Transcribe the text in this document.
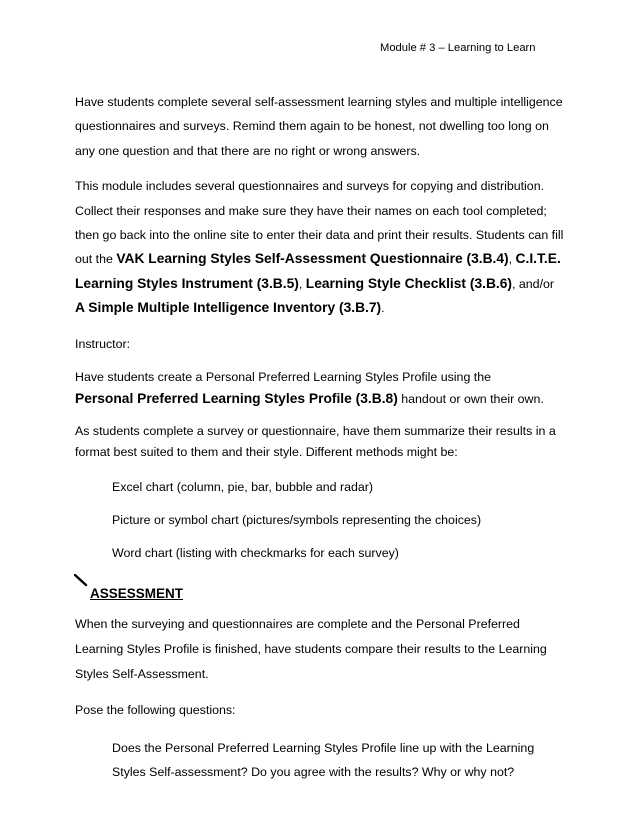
Module # 3 – Learning to Learn

Have students complete several self-assessment learning styles and multiple intelligence questionnaires and surveys. Remind them again to be honest, not dwelling too long on any one question and that there are no right or wrong answers.

This module includes several questionnaires and surveys for copying and distribution. Collect their responses and make sure they have their names on each tool completed; then go back into the online site to enter their data and print their results. Students can fill out the VAK Learning Styles Self-Assessment Questionnaire (3.B.4), C.I.T.E. Learning Styles Instrument (3.B.5), Learning Style Checklist (3.B.6), and/or A Simple Multiple Intelligence Inventory (3.B.7).

Instructor:

Have students create a Personal Preferred Learning Styles Profile using the
Personal Preferred Learning Styles Profile (3.B.8) handout or own their own.

As students complete a survey or questionnaire, have them summarize their results in a format best suited to them and their style. Different methods might be:

Excel chart (column, pie, bar, bubble and radar)
Picture or symbol chart (pictures/symbols representing the choices)
Word chart (listing with checkmarks for each survey)
ASSESSMENT

When the surveying and questionnaires are complete and the Personal Preferred Learning Styles Profile is finished, have students compare their results to the Learning Styles Self-Assessment.

Pose the following questions:

Does the Personal Preferred Learning Styles Profile line up with the Learning Styles Self-assessment? Do you agree with the results? Why or why not?
